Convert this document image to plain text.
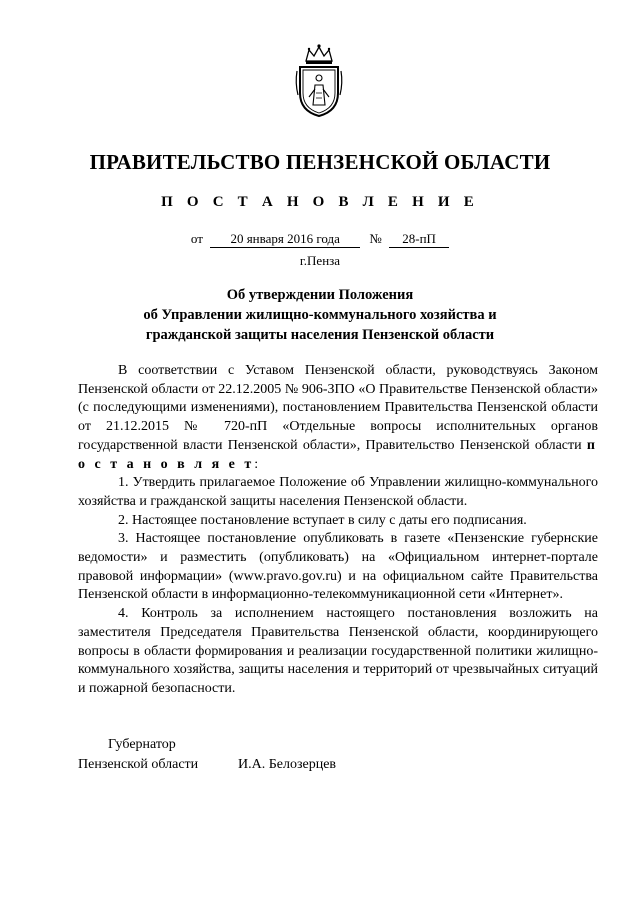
ПРАВИТЕЛЬСТВО ПЕНЗЕНСКОЙ ОБЛАСТИ
П О С Т А Н О В Л Е Н И Е
от 20 января 2016 года № 28-пП
г.Пенза
Об утверждении Положения
об Управлении жилищно-коммунального хозяйства и
гражданской защиты населения Пензенской области

В соответствии с Уставом Пензенской области, руководствуясь Законом Пензенской области от 22.12.2005 № 906-ЗПО «О Правительстве Пензенской области» (с последующими изменениями), постановлением Правительства Пензенской области от 21.12.2015 № 720-пП «Отдельные вопросы исполнительных органов государственной власти Пензенской области», Правительство Пензенской области п о с т а н о в л я е т:

1. Утвердить прилагаемое Положение об Управлении жилищно-коммунального хозяйства и гражданской защиты населения Пензенской области.

2. Настоящее постановление вступает в силу с даты его подписания.

3. Настоящее постановление опубликовать в газете «Пензенские губернские ведомости» и разместить (опубликовать) на «Официальном интернет-портале правовой информации» (www.pravo.gov.ru) и на официальном сайте Правительства Пензенской области в информационно-телекоммуникационной сети «Интернет».

4. Контроль за исполнением настоящего постановления возложить на заместителя Председателя Правительства Пензенской области, координирующего вопросы в области формирования и реализации государственной политики жилищно-коммунального хозяйства, защиты населения и территорий от чрезвычайных ситуаций и пожарной безопасности.

Губернатор
Пензенской области	И.А. Белозерцев
